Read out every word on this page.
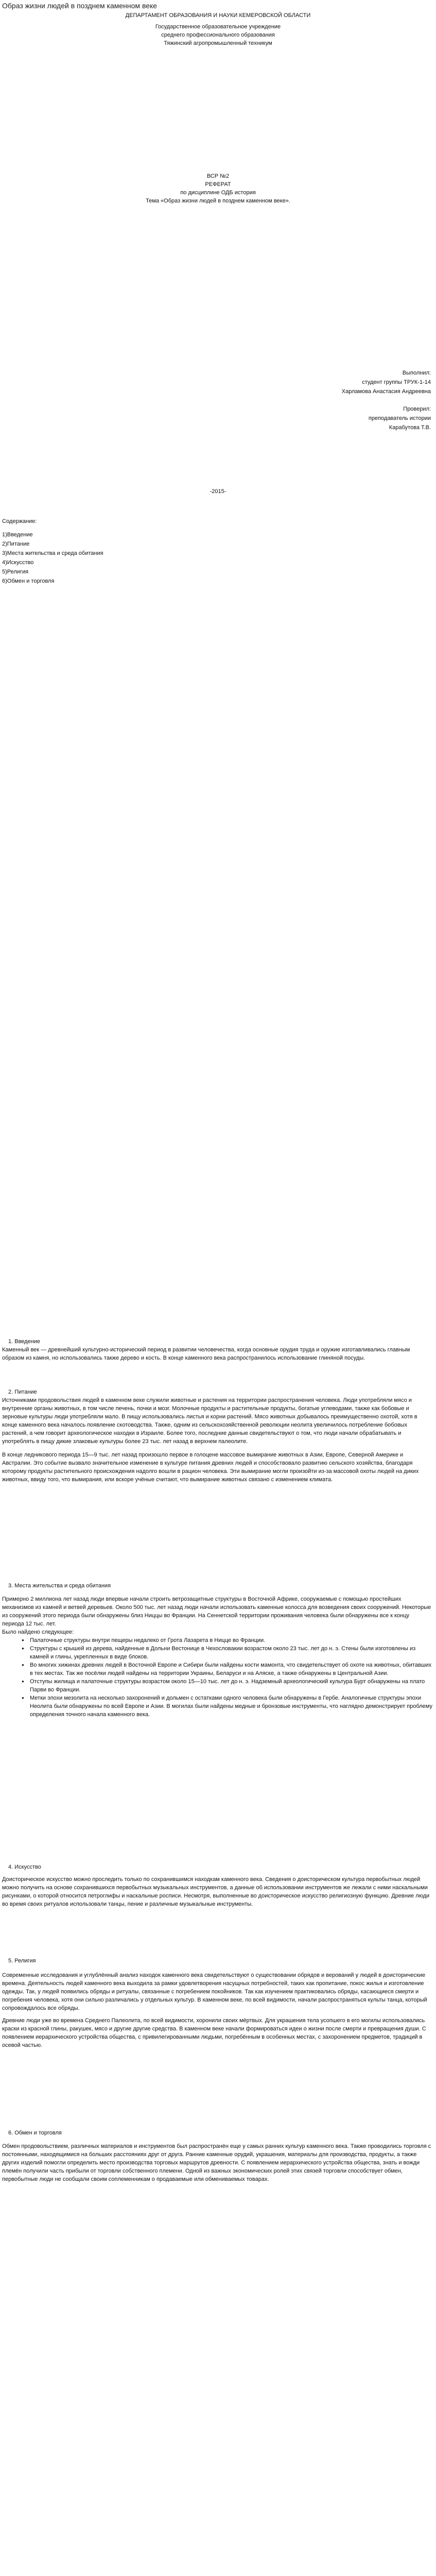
Образ жизни людей в позднем каменном веке
ДЕПАРТАМЕНТ ОБРАЗОВАНИЯ И НАУКИ КЕМЕРОВСКОЙ ОБЛАСТИ
Государственное образовательное учреждение
среднего профессионального образования
Тяжинский агропромышленный техникум
ВСР №2
РЕФЕРАТ
по дисциплине ОДБ история
Тема «Образ жизни людей в позднем каменном веке».
Выполнил:
студент группы ТРУК-1-14
Харламова Анастасия Андреевна
Проверил:
преподаватель истории
Карабутова Т.В.
-2015-
Содержание:
1)Введение
2)Питание
3)Места жительства и среда обитания
4)Искусство
5)Религия
6)Обмен и торговля
1. Введение
Каменный век — древнейший культурно-исторический период в развитии человечества, когда основные орудия труда и оружие изготавливались главным образом из камня, но использовались также дерево и кость. В конце каменного века распространилось использование глиняной посуды.
2. Питание
Источниками продовольствия людей в каменном веке служили животные и растения на территории распространения человека. Люди употребляли мясо и внутренние органы животных, в том числе печень, почки и мозг. Молочные продукты и растительные продукты, богатые углеводами, также как бобовые и зерновые культуры люди употребляли мало. В пищу использовались листья и корни растений. Мясо животных добывалось преимущественно охотой, хотя в конце каменного века началось появление скотоводства. Также, одним из сельскохозяйственной революции неолита увеличилось потребление бобовых растений, а чем говорит археологическое находки в Израиле. Более того, последние данные свидетельствуют о том, что люди начали обрабатывать и употреблять в пищу дикие злаковые культуры более 23 тыс. лет назад в верхнем палеолите.
В конце ледникового периода 15—9 тыс. лет назад произошло первое в голоцене массовое вымирание животных в Азии, Европе, Северной Америке и Австралии. Это событие вызвало значительное изменение в культуре питания древних людей и способствовало развитию сельского хозяйства, благодаря которому продукты растительного происхождения надолго вошли в рацион человека. Эти вымирание могли произойти из-за массовой охоты людей на диких животных, ввиду того, что вымирания, или вскоре учёные считают, что вымирание животных связано с изменением климата.
3. Места жительства и среда обитания
Примерно 2 миллиона лет назад люди впервые начали строить ветрозащитные структуры в Восточной Африке, сооружаемые с помощью простейших механизмов из камней и ветвей деревьев. Около 500 тыс. лет назад люди начали использовать каменные колосса для возведения своих сооружений. Некоторые из сооружений этого периода были обнаружены близ Ниццы во Франции. На Сеннетской территории проживания человека были обнаружены все к концу периода 12 тыс. лет.
Было найдено следующее:
● Палаточные структуры внутри пещеры недалеко от Грота Лазарета в Ницце во Франции.
● Структуры с крышей из дерева, найденные в Дольни Вестонице в Чехословакии возрастом около 23 тыс. лет до н. э. Стены были изготовлены из камней и глины, укрепленных в виде блоков.
● Во многих хижинах древних людей в Восточной Европе и Сибири были найдены кости мамонта, что свидетельствует об охоте на животных, обитавших в тех местах. Так же посёлки людей найдены на территории Украины, Беларуси и на Аляске, а также обнаружены в Центральной Азии.
● Отступы жилища и палаточные структуры возрастом около 15—10 тыс. лет до н. э. Надземный археологический культура Бурт обнаружены на плато Парви во Франции.
● Метки эпохи мезолита на несколько захоронений и дольмен с остатками одного человека были обнаружены в Гербе. Аналогичные структуры эпохи Неолита были обнаружены по всей Европе и Азии. В могилах были найдены медные и бронзовые инструменты, что наглядно демонстрирует проблему определения точного начала каменного века.
4. Искусство
Доисторическое искусство можно проследить только по сохранившимся находкам каменного века. Сведения о доисторическом культура первобытных людей можно получить на основе сохранившихся первобытных музыкальных инструментов, а данные об использовании инструментов же лежали с ними наскальными рисунками, о которой относится петроглифы и наскальные росписи. Несмотря, выполненные во доисторическое искусство религиозную функцию. Древние люди во время своих ритуалов использовали танцы, пение и различные музыкальные инструменты.
5. Религия
Современные исследования и углублённый анализ находок каменного века свидетельствуют о существовании обрядов и верований у людей в доисторические времена. Деятельность людей каменного века выходила за рамки удовлетворения насущных потребностей, таких как пропитание, покос жилья и изготовление одежды. Так, у людей появились обряды и ритуалы, связанные с погребением покойников. Так как изучением практиковались обряды, касающиеся смерти и погребения человека, хотя они сильно различались у отдельных культур. В каменном веке, по всей видимости, начали распространяться культы танца, который сопровождалось все обряды.
Древние люди уже во времена Среднего Палеолита, по всей видимости, хоронили своих мёртвых. Для украшения тела усопшего в его могилы использовались краски из красной глины, ракушек, мясо и другие другие средства. В каменном веке начали формироваться идеи о жизни после смерти и превращения души. С появлением иерархического устройства общества, с привилегированными людьми, погребённым в особенных местах, с захоронением предметов, традиций в осевой частью.
6. Обмен и торговля
Обмен продовольствием, различных материалов и инструментов был распространён еще у самых ранних культур каменного века. Также проводились торговля с постоянными, находящимися на больших расстояниях друг от друга. Ранние каменные орудий, украшения, материалы для производства, продукты, а также других изделий помогли определить место производства торговых маршрутов древности. С появлением иерархического устройства общества, знать и вожди племён получили часть прибыли от торговли собственного племени. Одной из важных экономических ролей этих связей торговли способствует обмен, первобытные люди не сообщали своим соплеменникам о продаваемые или обмениваемых товарах.
